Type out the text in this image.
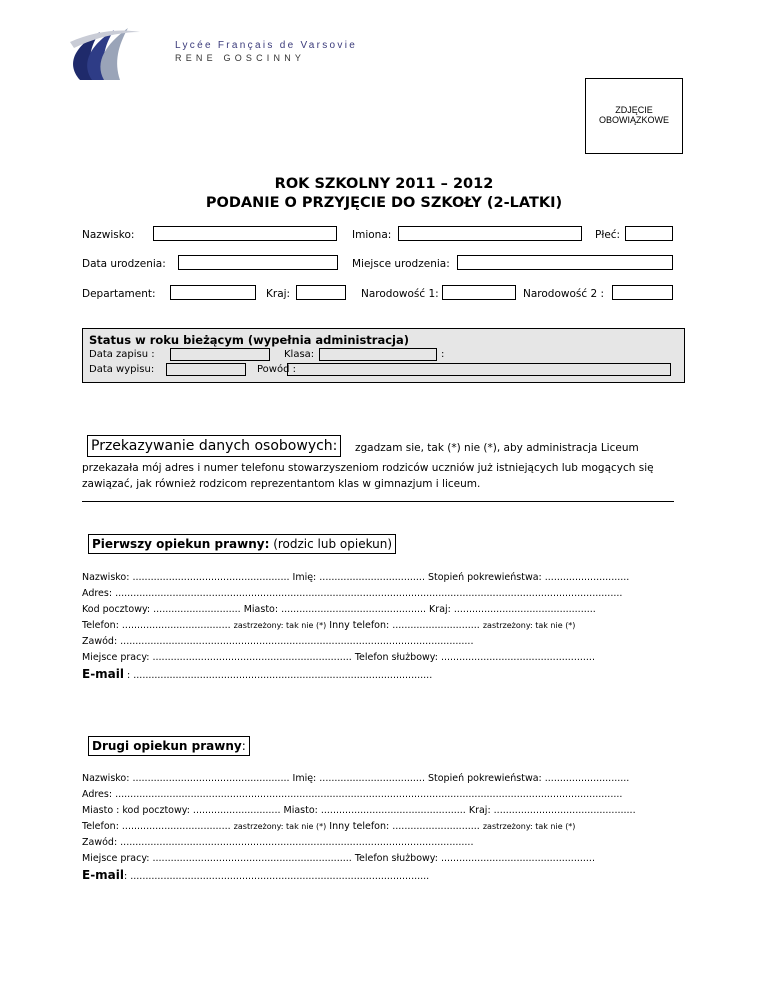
Lycée Français de Varsovie
RENE GOSCINNY
ZDJĘCIE
OBOWIĄZKOWE
ROK SZKOLNY 2011 – 2012
PODANIE O PRZYJĘCIE DO SZKOŁY (2-LATKI)
Nazwisko:	Imiona:	Płeć:
Data urodzenia:	Miejsce urodzenia:
Departament:	Kraj:	Narodowość 1:	Narodowość 2 :
Status w roku bieżącym (wypełnia administracja)
Data zapisu :	Klasa:	:
Data wypisu:	Powód :
Przekazywanie danych osobowych:	zgadzam sie, tak (*) nie (*), aby administracja Liceum
przekazała mój adres i numer telefonu stowarzyszeniom rodziców uczniów już istniejących lub mogących się
zawiązać, jak również rodzicom reprezentantom klas w gimnazjum i liceum.
Pierwszy opiekun prawny: (rodzic lub opiekun)
Nazwisko: .................................................... Imię: ................................... Stopień pokrewieństwa: ............................
Adres: ........................................................................................................................................................................
Kod pocztowy: ............................. Miasto: ................................................ Kraj: ...............................................
Telefon: .................................... zastrzeżony: tak nie (*) Inny telefon: ............................. zastrzeżony: tak nie (*)
Zawód: .....................................................................................................................
Miejsce pracy: .................................................................. Telefon służbowy: ...................................................
E-mail : ...................................................................................................
Drugi opiekun prawny:
Nazwisko: .................................................... Imię: ................................... Stopień pokrewieństwa: ............................
Adres: ........................................................................................................................................................................
Miasto : kod pocztowy: ............................. Miasto: ................................................ Kraj: ...............................................
Telefon: .................................... zastrzeżony: tak nie (*) Inny telefon: ............................. zastrzeżony: tak nie (*)
Zawód: .....................................................................................................................
Miejsce pracy: .................................................................. Telefon służbowy: ...................................................
E-mail: ...................................................................................................
